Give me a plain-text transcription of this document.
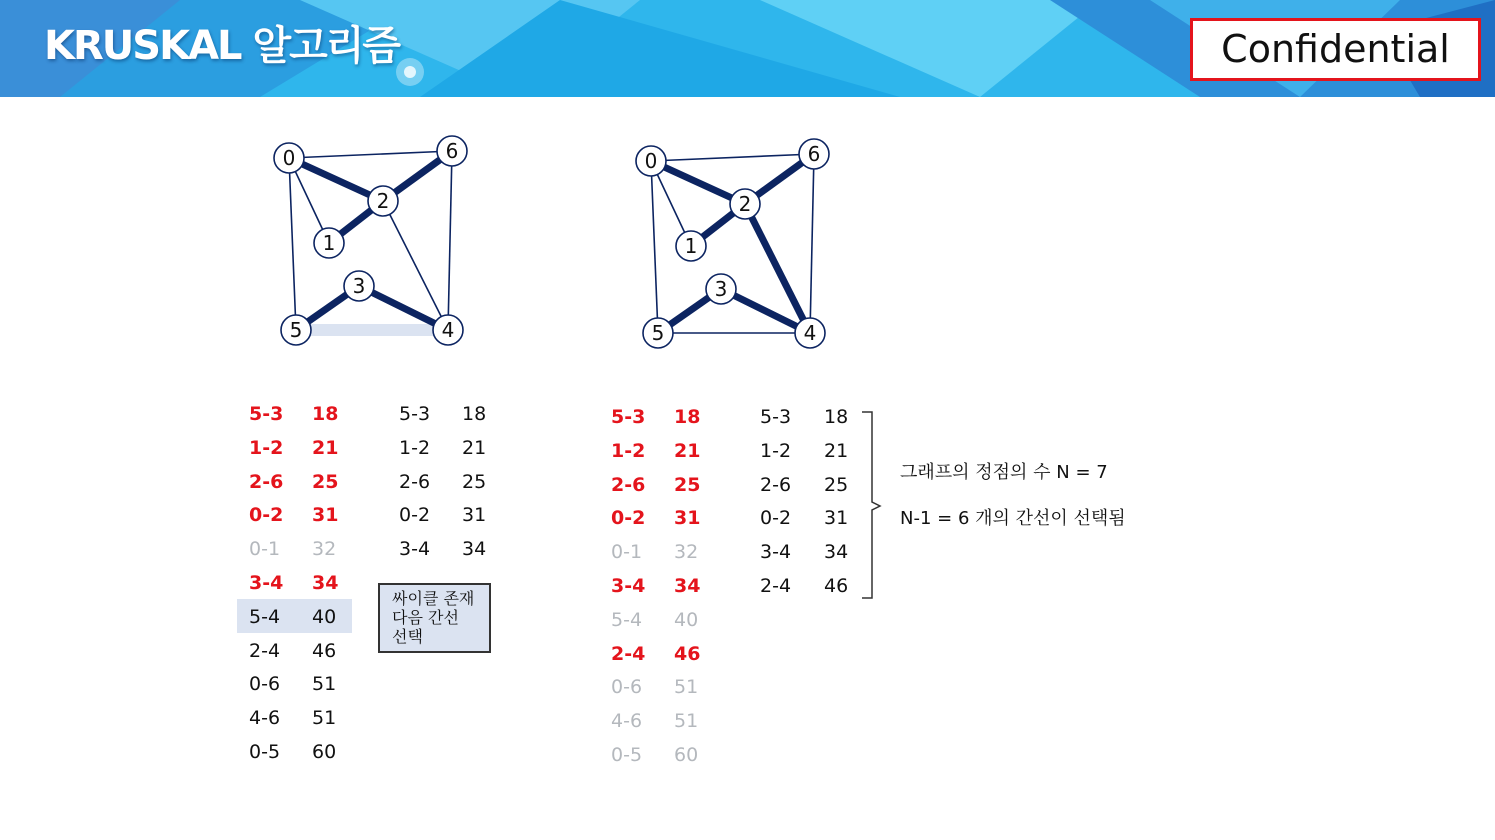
KRUSKAL 알고리즘	Confidential
0
1
2
3
4
5
6	0
1
2
3
4
5
6
5-3 18
1-2 21
2-6 25
0-2 31
0-1 32
3-4 34
5-4 40
2-4 46
0-6 51
4-6 51
0-5 60
5-3 18
1-2 21
2-6 25
0-2 31
3-4 34
5-3 18
1-2 21
2-6 25
0-2 31
0-1 32
3-4 34
5-4 40
2-4 46
0-6 51
4-6 51
0-5 60
5-3 18
1-2 21
2-6 25
0-2 31
3-4 34
2-4 46
싸이클 존재
다음 간선
선택
그래프의 정점의 수 N = 7
N-1 = 6 개의 간선이 선택됨
